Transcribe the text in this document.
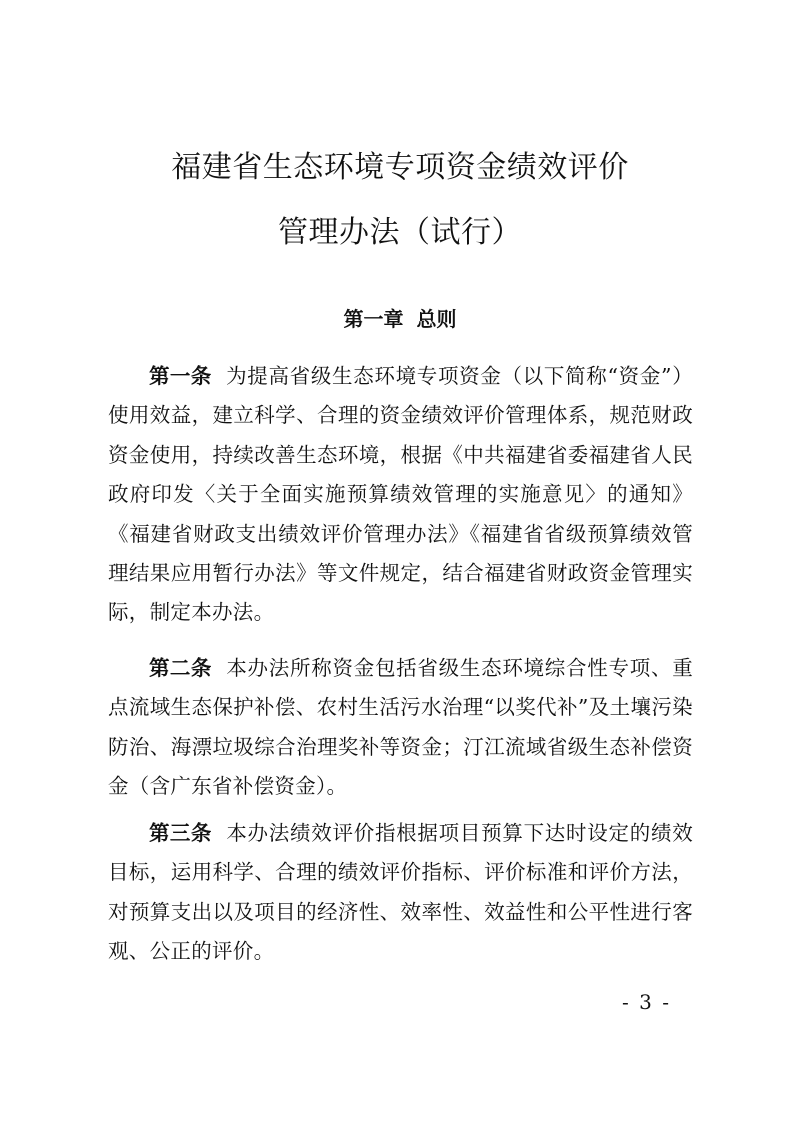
福建省生态环境专项资金绩效评价
管理办法（试行）
第一章 总则

第一条 为提高省级生态环境专项资金（以下简称“资金”）使用效益，建立科学、合理的资金绩效评价管理体系，规范财政资金使用，持续改善生态环境，根据《中共福建省委福建省人民政府印发〈关于全面实施预算绩效管理的实施意见〉的通知》《福建省财政支出绩效评价管理办法》《福建省省级预算绩效管理结果应用暂行办法》等文件规定，结合福建省财政资金管理实际，制定本办法。

第二条 本办法所称资金包括省级生态环境综合性专项、重点流域生态保护补偿、农村生活污水治理“以奖代补”及土壤污染防治、海漂垃圾综合治理奖补等资金；汀江流域省级生态补偿资金（含广东省补偿资金）。

第三条 本办法绩效评价指根据项目预算下达时设定的绩效目标，运用科学、合理的绩效评价指标、评价标准和评价方法，对预算支出以及项目的经济性、效率性、效益性和公平性进行客观、公正的评价。

- 3 -
